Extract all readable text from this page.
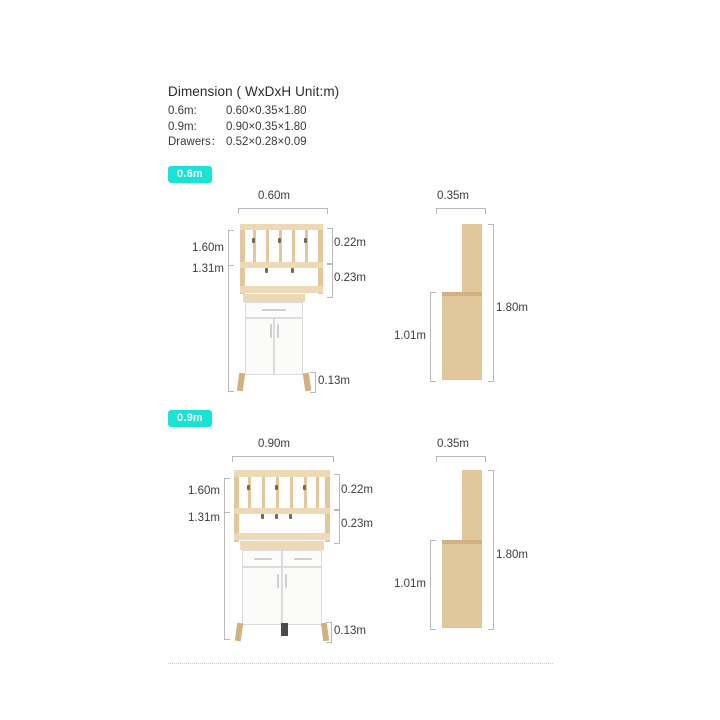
Dimension ( WxDxH Unit:m)
0.6m:	0.60×0.35×1.80
0.9m:	0.90×0.35×1.80
Drawers： 0.52×0.28×0.09
0.6m
0.60m
1.60m
1.31m
0.22m
0.23m
0.13m
0.35m
1.80m
1.01m
0.9m
0.90m
1.60m
1.31m
0.22m
0.23m
0.13m
0.35m
1.80m
1.01m
